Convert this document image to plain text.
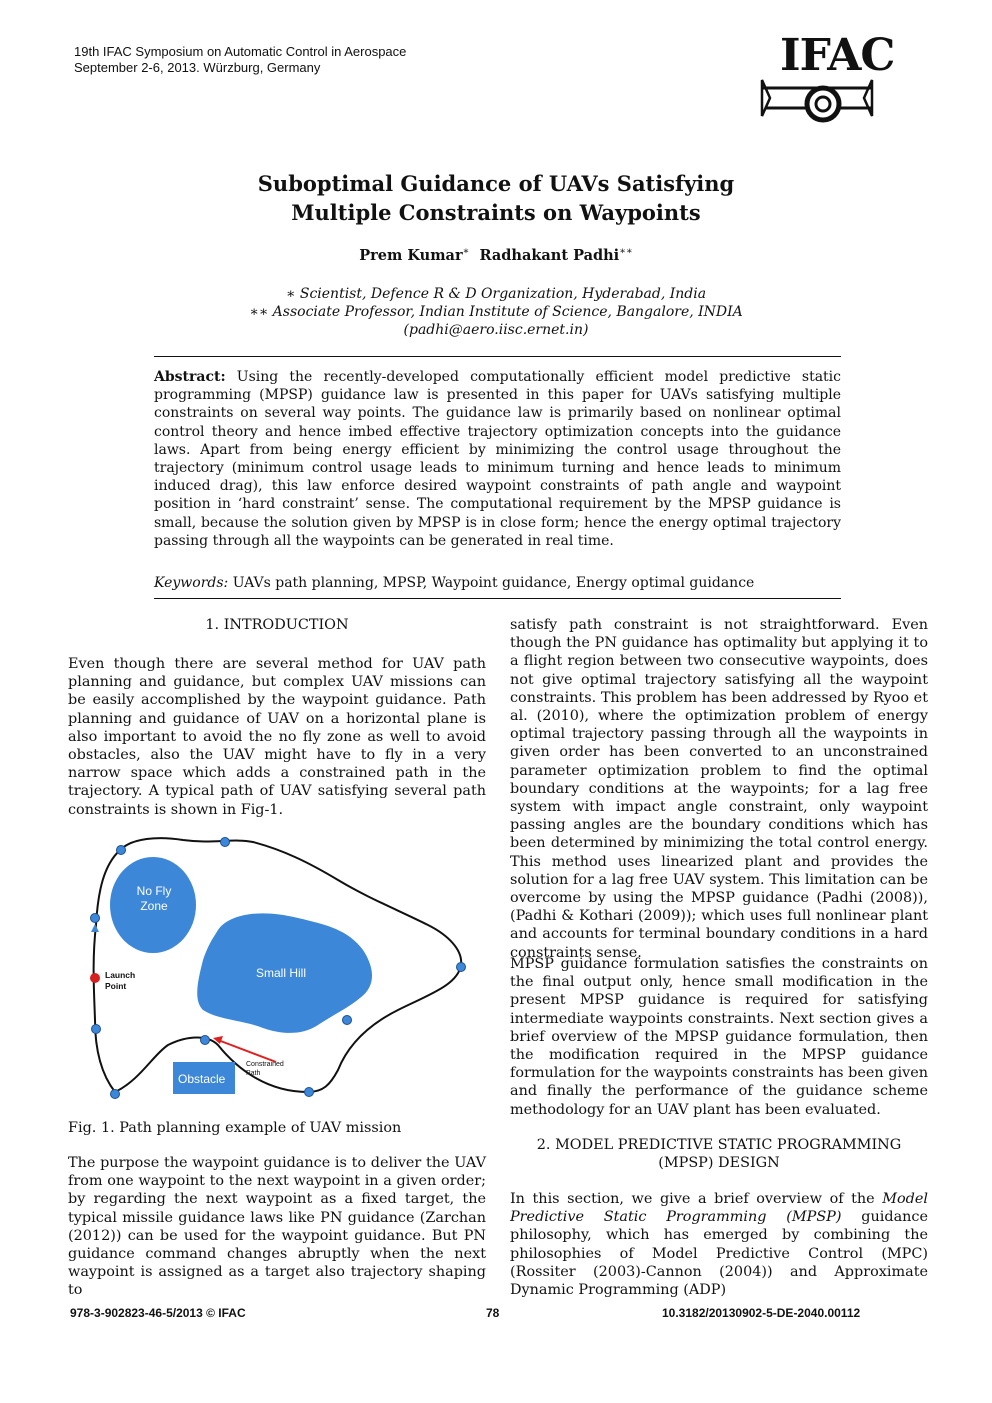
19th IFAC Symposium on Automatic Control in Aerospace
September 2-6, 2013. Würzburg, Germany	IFAC
Suboptimal Guidance of UAVs Satisfying
Multiple Constraints on Waypoints
Prem Kumar∗ Radhakant Padhi∗∗
∗ Scientist, Defence R & D Organization, Hyderabad, India
∗∗ Associate Professor, Indian Institute of Science, Bangalore, INDIA
(padhi@aero.iisc.ernet.in)
Abstract: Using the recently-developed computationally efficient model predictive static programming (MPSP) guidance law is presented in this paper for UAVs satisfying multiple constraints on several way points. The guidance law is primarily based on nonlinear optimal control theory and hence imbed effective trajectory optimization concepts into the guidance laws. Apart from being energy efficient by minimizing the control usage throughout the trajectory (minimum control usage leads to minimum turning and hence leads to minimum induced drag), this law enforce desired waypoint constraints of path angle and waypoint position in ‘hard constraint’ sense. The computational requirement by the MPSP guidance is small, because the solution given by MPSP is in close form; hence the energy optimal trajectory passing through all the waypoints can be generated in real time.
Keywords: UAVs path planning, MPSP, Waypoint guidance, Energy optimal guidance
1. INTRODUCTION

Even though there are several method for UAV path planning and guidance, but complex UAV missions can be easily accomplished by the waypoint guidance. Path planning and guidance of UAV on a horizontal plane is also important to avoid the no fly zone as well to avoid obstacles, also the UAV might have to fly in a very narrow space which adds a constrained path in the trajectory. A typical path of UAV satisfying several path constraints is shown in Fig-1.

No Fly
Zone
Small Hill
Obstacle
Launch
Point
Constrained
Path

Fig. 1. Path planning example of UAV mission

The purpose the waypoint guidance is to deliver the UAV from one waypoint to the next waypoint in a given order; by regarding the next waypoint as a fixed target, the typical missile guidance laws like PN guidance (Zarchan (2012)) can be used for the waypoint guidance. But PN guidance command changes abruptly when the next waypoint is assigned as a target also trajectory shaping to

satisfy path constraint is not straightforward. Even though the PN guidance has optimality but applying it to a flight region between two consecutive waypoints, does not give optimal trajectory satisfying all the waypoint constraints. This problem has been addressed by Ryoo et al. (2010), where the optimization problem of energy optimal trajectory passing through all the waypoints in given order has been converted to an unconstrained parameter optimization problem to find the optimal boundary conditions at the waypoints; for a lag free system with impact angle constraint, only waypoint passing angles are the boundary conditions which has been determined by minimizing the total control energy. This method uses linearized plant and provides the solution for a lag free UAV system. This limitation can be overcome by using the MPSP guidance (Padhi (2008)), (Padhi & Kothari (2009)); which uses full nonlinear plant and accounts for terminal boundary conditions in a hard constraints sense.

MPSP guidance formulation satisfies the constraints on the final output only, hence small modification in the present MPSP guidance is required for satisfying intermediate waypoints constraints. Next section gives a brief overview of the MPSP guidance formulation, then the modification required in the MPSP guidance formulation for the waypoints constraints has been given and finally the performance of the guidance scheme methodology for an UAV plant has been evaluated.

2. MODEL PREDICTIVE STATIC PROGRAMMING
(MPSP) DESIGN

In this section, we give a brief overview of the Model Predictive Static Programming (MPSP) guidance philosophy, which has emerged by combining the philosophies of Model Predictive Control (MPC) (Rossiter (2003)-Cannon (2004)) and Approximate Dynamic Programming (ADP)

978-3-902823-46-5/2013 © IFAC	78	10.3182/20130902-5-DE-2040.00112
